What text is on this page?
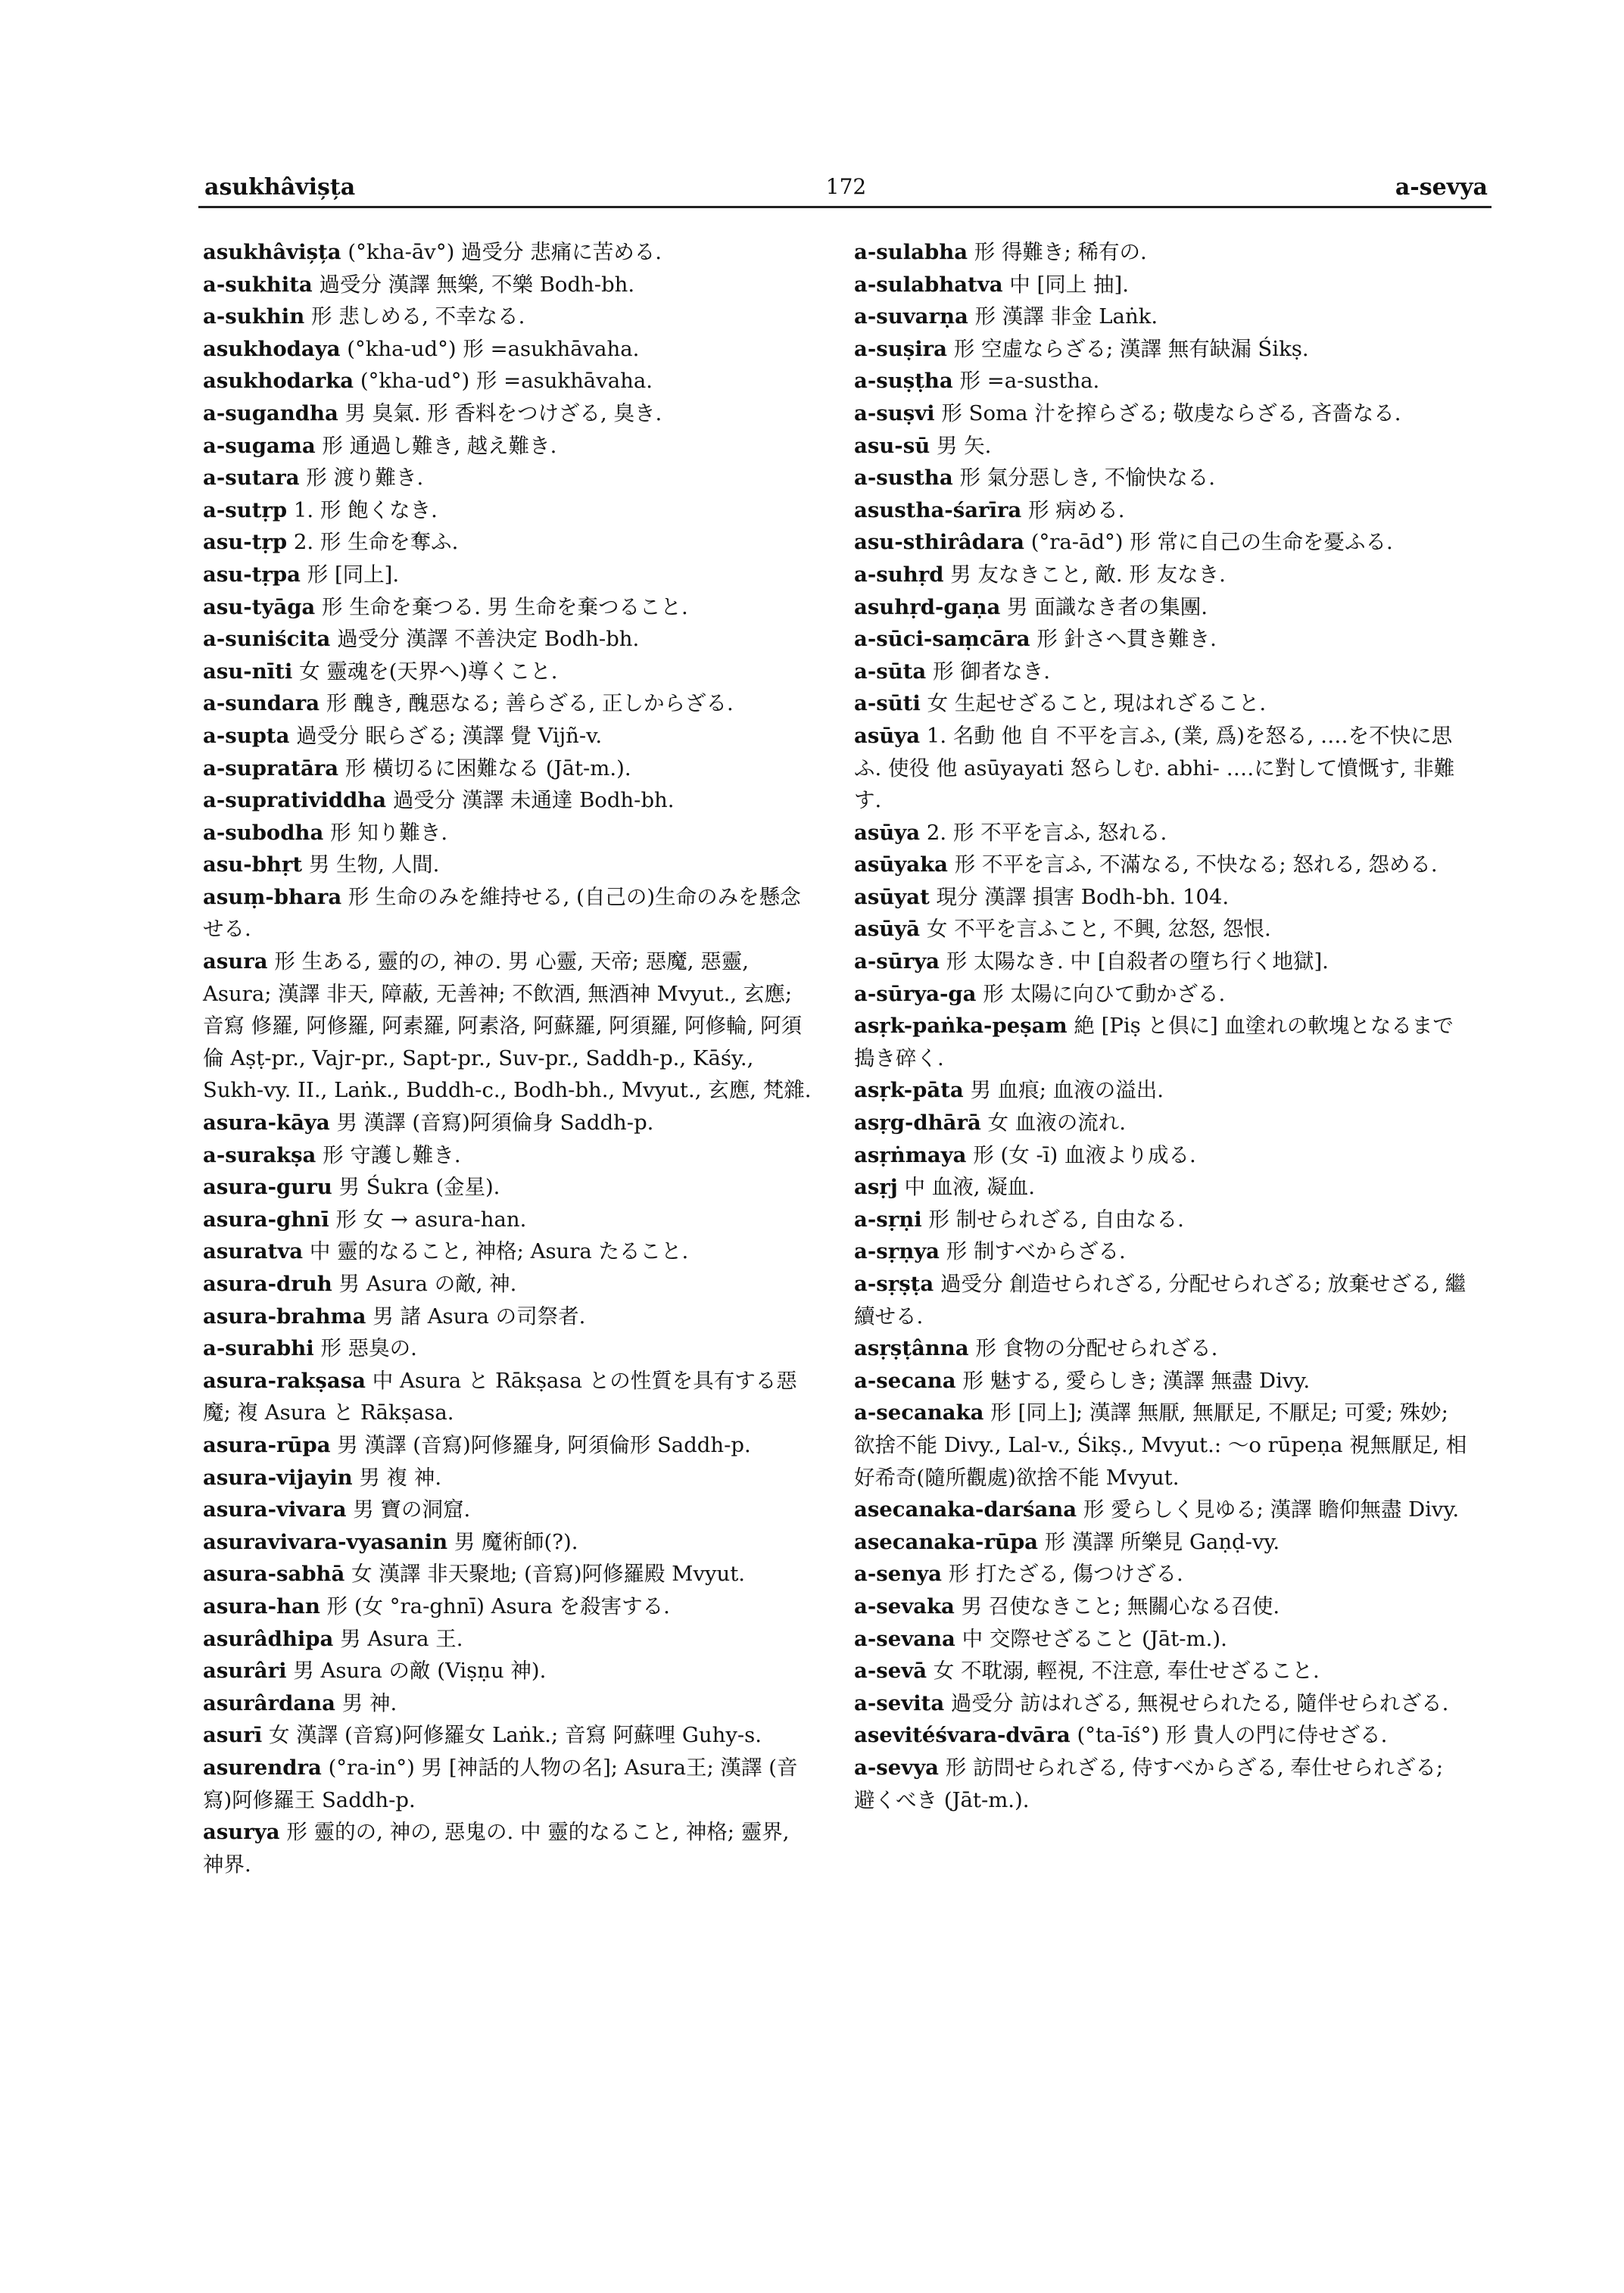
asukhâvișța	172	a-sevya

asukhâvișța (°kha-āv°) 過受分 悲痛に苦める.

a-sukhita 過受分 漢譯 無樂, 不樂 Bodh-bh.

a-sukhin 形 悲しめる, 不幸なる.

asukhodaya (°kha-ud°) 形 =asukhāvaha.

asukhodarka (°kha-ud°) 形 =asukhāvaha.

a-sugandha 男 臭氣. 形 香料をつけざる, 臭き.

a-sugama 形 通過し難き, 越え難き.

a-sutara 形 渡り難き.

a-sutṛp 1. 形 飽くなき.

asu-tṛp 2. 形 生命を奪ふ.

asu-tṛpa 形 [同上].

asu-tyāga 形 生命を棄つる. 男 生命を棄つること.

a-suniścita 過受分 漢譯 不善決定 Bodh-bh.

asu-nīti 女 靈魂を(天界へ)導くこと.

a-sundara 形 醜き, 醜惡なる; 善らざる, 正しからざる.

a-supta 過受分 眠らざる; 漢譯 覺 Vijñ-v.

a-supratāra 形 橫切るに困難なる (Jāt-m.).

a-supratividdha 過受分 漢譯 未通達 Bodh-bh.

a-subodha 形 知り難き.

asu-bhṛt 男 生物, 人間.

asuṃ-bhara 形 生命のみを維持せる, (自己の)生命のみを懸念せる.

asura 形 生ある, 靈的の, 神の. 男 心靈, 天帝; 惡魔, 惡靈, Asura; 漢譯 非天, 障蔽, 无善神; 不飲酒, 無酒神 Mvyut., 玄應; 音寫 修羅, 阿修羅, 阿素羅, 阿素洛, 阿蘇羅, 阿須羅, 阿修輪, 阿須倫 Aṣṭ-pr., Vajr-pr., Sapt-pr., Suv-pr., Saddh-p., Kāśy., Sukh-vy. II., Laṅk., Buddh-c., Bodh-bh., Mvyut., 玄應, 梵雜.

asura-kāya 男 漢譯 (音寫)阿須倫身 Saddh-p.

a-surakṣa 形 守護し難き.

asura-guru 男 Śukra (金星).

asura-ghnī 形 女 → asura-han.

asuratva 中 靈的なること, 神格; Asura たること.

asura-druh 男 Asura の敵, 神.

asura-brahma 男 諸 Asura の司祭者.

a-surabhi 形 惡臭の.

asura-rakṣasa 中 Asura と Rākṣasa との性質を具有する惡魔; 複 Asura と Rākṣasa.

asura-rūpa 男 漢譯 (音寫)阿修羅身, 阿須倫形 Saddh-p.

asura-vijayin 男 複 神.

asura-vivara 男 寶の洞窟.

asuravivara-vyasanin 男 魔術師(?).

asura-sabhā 女 漢譯 非天聚地; (音寫)阿修羅殿 Mvyut.

asura-han 形 (女 °ra-ghnī) Asura を殺害する.

asurâdhipa 男 Asura 王.

asurâri 男 Asura の敵 (Viṣṇu 神).

asurârdana 男 神.

asurī 女 漢譯 (音寫)阿修羅女 Laṅk.; 音寫 阿蘇哩 Guhy-s.

asurendra (°ra-in°) 男 [神話的人物の名]; Asura王; 漢譯 (音寫)阿修羅王 Saddh-p.

asurya 形 靈的の, 神の, 惡鬼の. 中 靈的なること, 神格; 靈界, 神界.

a-sulabha 形 得難き; 稀有の.

a-sulabhatva 中 [同上 抽].

a-suvarṇa 形 漢譯 非金 Laṅk.

a-suṣira 形 空虛ならざる; 漢譯 無有缺漏 Śikṣ.

a-suṣṭha 形 =a-sustha.

a-suṣvi 形 Soma 汁を搾らざる; 敬虔ならざる, 吝嗇なる.

asu-sū 男 矢.

a-sustha 形 氣分惡しき, 不愉快なる.

asustha-śarīra 形 病める.

asu-sthirâdara (°ra-ād°) 形 常に自己の生命を憂ふる.

a-suhṛd 男 友なきこと, 敵. 形 友なき.

asuhṛd-gaṇa 男 面識なき者の集團.

a-sūci-saṃcāra 形 針さへ貫き難き.

a-sūta 形 御者なき.

a-sūti 女 生起せざること, 現はれざること.

asūya 1. 名動 他 自 不平を言ふ, (業, 爲)を怒る, ‥‥を不快に思ふ. 使役 他 asūyayati 怒らしむ. abhi- ‥‥に對して憤慨す, 非難す.

asūya 2. 形 不平を言ふ, 怒れる.

asūyaka 形 不平を言ふ, 不滿なる, 不快なる; 怒れる, 怨める.

asūyat 現分 漢譯 損害 Bodh-bh. 104.

asūyā 女 不平を言ふこと, 不興, 忿怒, 怨恨.

a-sūrya 形 太陽なき. 中 [自殺者の墮ち行く地獄].

a-sūrya-ga 形 太陽に向ひて動かざる.

asṛk-paṅka-peṣam 絶 [Piṣ と倶に] 血塗れの軟塊となるまで搗き碎く.

asṛk-pāta 男 血痕; 血液の溢出.

asṛg-dhārā 女 血液の流れ.

asṛṅmaya 形 (女 -ī) 血液より成る.

asṛj 中 血液, 凝血.

a-sṛṇi 形 制せられざる, 自由なる.

a-sṛṇya 形 制すべからざる.

a-sṛṣṭa 過受分 創造せられざる, 分配せられざる; 放棄せざる, 繼續せる.

asṛṣṭânna 形 食物の分配せられざる.

a-secana 形 魅する, 愛らしき; 漢譯 無盡 Divy.

a-secanaka 形 [同上]; 漢譯 無厭, 無厭足, 不厭足; 可愛; 殊妙; 欲捨不能 Divy., Lal-v., Śikṣ., Mvyut.: 〜o rūpeṇa 視無厭足, 相好希奇(隨所觀處)欲捨不能 Mvyut.

asecanaka-darśana 形 愛らしく見ゆる; 漢譯 瞻仰無盡 Divy.

asecanaka-rūpa 形 漢譯 所樂見 Gaṇḍ-vy.

a-senya 形 打たざる, 傷つけざる.

a-sevaka 男 召使なきこと; 無關心なる召使.

a-sevana 中 交際せざること (Jāt-m.).

a-sevā 女 不耽溺, 輕視, 不注意, 奉仕せざること.

a-sevita 過受分 訪はれざる, 無視せられたる, 隨伴せられざる.

asevitéśvara-dvāra (°ta-īś°) 形 貴人の門に侍せざる.

a-sevya 形 訪問せられざる, 侍すべからざる, 奉仕せられざる; 避くべき (Jāt-m.).
